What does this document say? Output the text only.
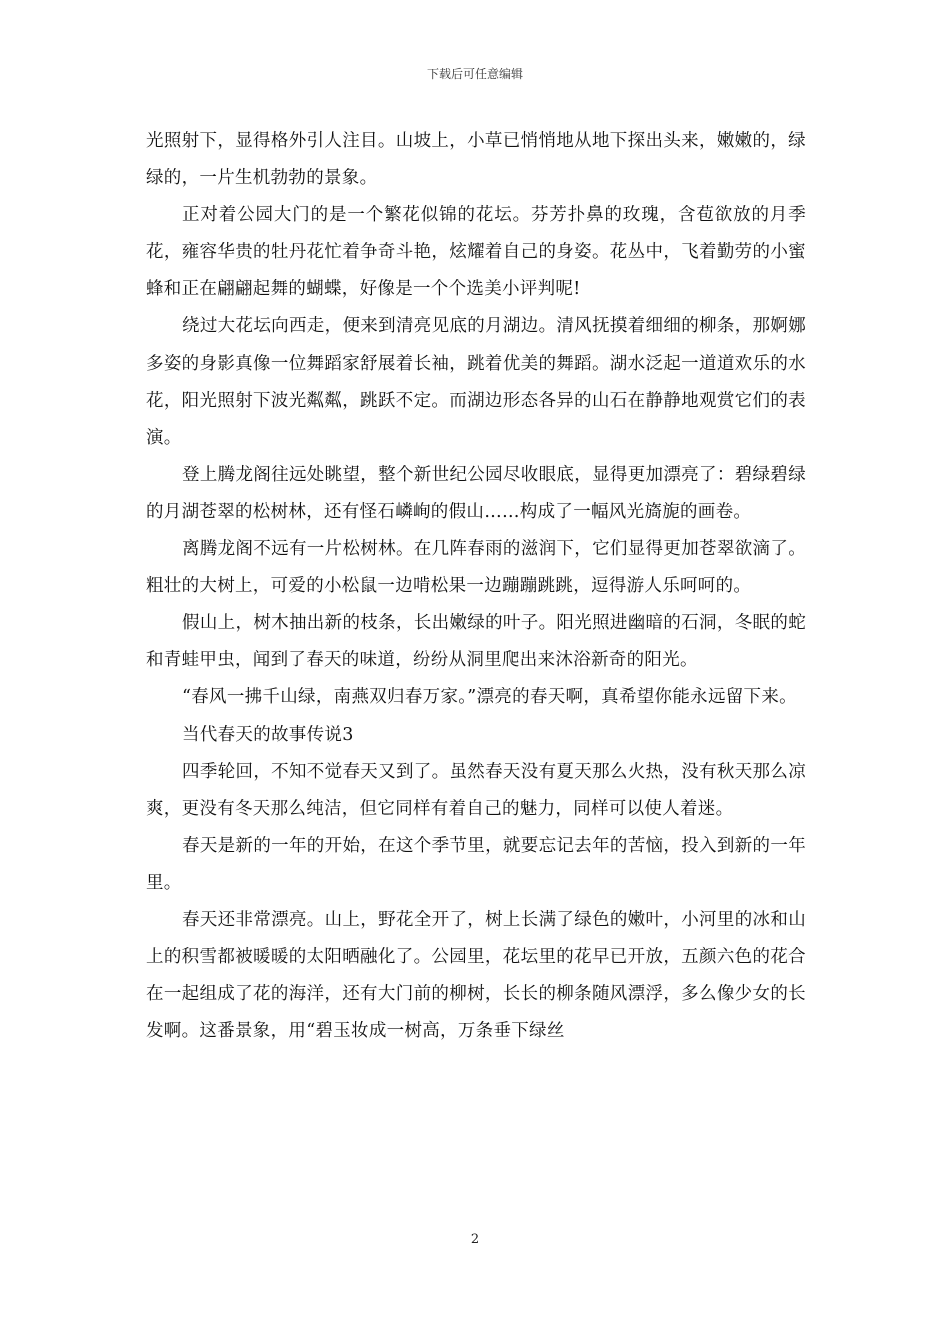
下载后可任意编辑

光照射下，显得格外引人注目。山坡上，小草已悄悄地从地下探出头来，嫩嫩的，绿绿的，一片生机勃勃的景象。

正对着公园大门的是一个繁花似锦的花坛。芬芳扑鼻的玫瑰，含苞欲放的月季花，雍容华贵的牡丹花忙着争奇斗艳，炫耀着自己的身姿。花丛中，飞着勤劳的小蜜蜂和正在翩翩起舞的蝴蝶，好像是一个个选美小评判呢!

绕过大花坛向西走，便来到清亮见底的月湖边。清风抚摸着细细的柳条，那婀娜多姿的身影真像一位舞蹈家舒展着长袖，跳着优美的舞蹈。湖水泛起一道道欢乐的水花，阳光照射下波光粼粼，跳跃不定。而湖边形态各异的山石在静静地观赏它们的表演。

登上腾龙阁往远处眺望，整个新世纪公园尽收眼底，显得更加漂亮了：碧绿碧绿的月湖苍翠的松树林，还有怪石嶙峋的假山……构成了一幅风光旖旎的画卷。

离腾龙阁不远有一片松树林。在几阵春雨的滋润下，它们显得更加苍翠欲滴了。粗壮的大树上，可爱的小松鼠一边啃松果一边蹦蹦跳跳，逗得游人乐呵呵的。

假山上，树木抽出新的枝条，长出嫩绿的叶子。阳光照进幽暗的石洞，冬眠的蛇和青蛙甲虫，闻到了春天的味道，纷纷从洞里爬出来沐浴新奇的阳光。

“春风一拂千山绿，南燕双归春万家。”漂亮的春天啊，真希望你能永远留下来。

当代春天的故事传说3

四季轮回，不知不觉春天又到了。虽然春天没有夏天那么火热，没有秋天那么凉爽，更没有冬天那么纯洁，但它同样有着自己的魅力，同样可以使人着迷。

春天是新的一年的开始，在这个季节里，就要忘记去年的苦恼，投入到新的一年里。

春天还非常漂亮。山上，野花全开了，树上长满了绿色的嫩叶，小河里的冰和山上的积雪都被暖暖的太阳晒融化了。公园里，花坛里的花早已开放，五颜六色的花合在一起组成了花的海洋，还有大门前的柳树，长长的柳条随风漂浮，多么像少女的长发啊。这番景象，用“碧玉妆成一树高，万条垂下绿丝

2
